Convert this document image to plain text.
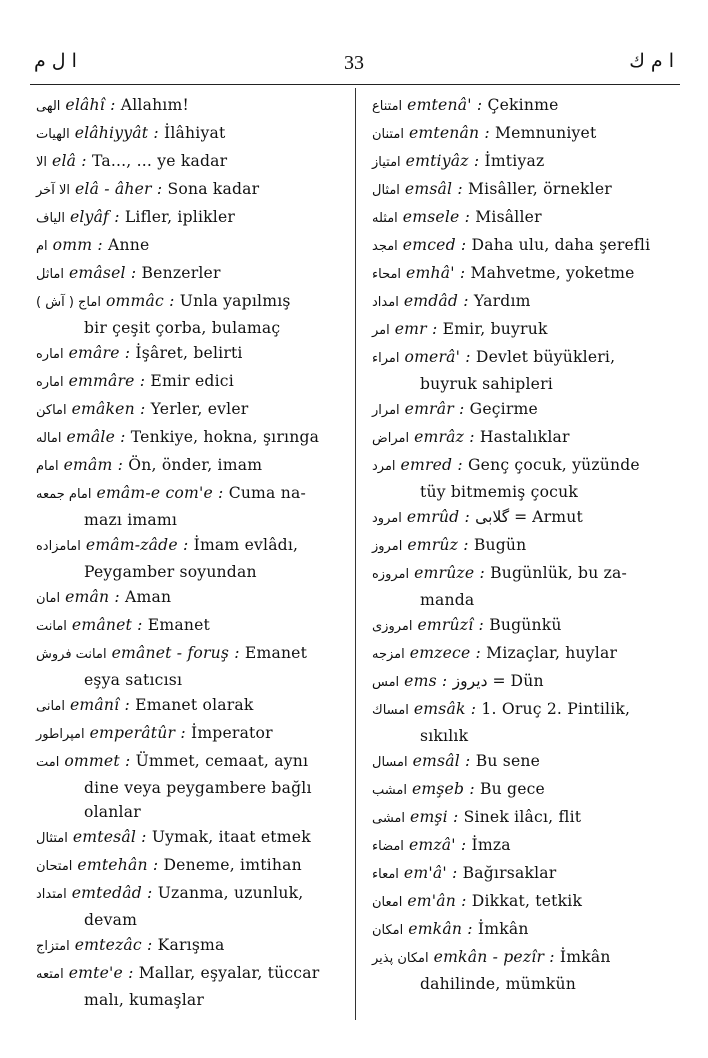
ا ل م	33	ا م ك
الهی elâhî : Allahım!
الهیات elâhiyyât : İlâhiyat
الا elâ : Ta..., ... ye kadar
الا آخر elâ - âher : Sona kadar
الیاف elyâf : Lifler, iplikler
ام omm : Anne
اماثل emâsel : Benzerler
اماج ( آش ) ommâc : Unla yapılmış
bir çeşit çorba, bulamaç
اماره emâre : İşâret, belirti
اماره emmâre : Emir edici
اماكن emâken : Yerler, evler
اماله emâle : Tenkiye, hokna, şırınga
امام emâm : Ön, önder, imam
امام جمعه emâm-e com'e : Cuma na-
mazı imamı
امامزاده emâm-zâde : İmam evlâdı,
Peygamber soyundan
امان emân : Aman
امانت emânet : Emanet
امانت فروش emânet - foruş : Emanet
eşya satıcısı
امانی emânî : Emanet olarak
امپراطور emperâtûr : İmperator
امت ommet : Ümmet, cemaat, aynı
dine veya peygambere bağlı olanlar
امتثال emtesâl : Uymak, itaat etmek
امتحان emtehân : Deneme, imtihan
امتداد emtedâd : Uzanma, uzunluk,
devam
امتزاج emtezâc : Karışma
امتعه emte'e : Mallar, eşyalar, tüccar
malı, kumaşlar
امتناع emtenâ' : Çekinme
امتنان emtenân : Memnuniyet
امتیاز emtiyâz : İmtiyaz
امثال emsâl : Misâller, örnekler
امثله emsele : Misâller
امجد emced : Daha ulu, daha şerefli
امحاء emhâ' : Mahvetme, yoketme
امداد emdâd : Yardım
امر emr : Emir, buyruk
امراء omerâ' : Devlet büyükleri,
buyruk sahipleri
امرار emrâr : Geçirme
امراض emrâz : Hastalıklar
امرد emred : Genç çocuk, yüzünde
tüy bitmemiş çocuk
امرود emrûd : گلابی = Armut
امروز emrûz : Bugün
امروزه emrûze : Bugünlük, bu za-
manda
امروزی emrûzî : Bugünkü
امزجه emzece : Mizaçlar, huylar
امس ems : دیروز = Dün
امساك emsâk : 1. Oruç 2. Pintilik,
sıkılık
امسال emsâl : Bu sene
امشب emşeb : Bu gece
امشی emşi : Sinek ilâcı, flit
امضاء emzâ' : İmza
امعاء em'â' : Bağırsaklar
امعان em'ân : Dikkat, tetkik
امكان emkân : İmkân
امكان پذیر emkân - pezîr : İmkân
dahilinde, mümkün
